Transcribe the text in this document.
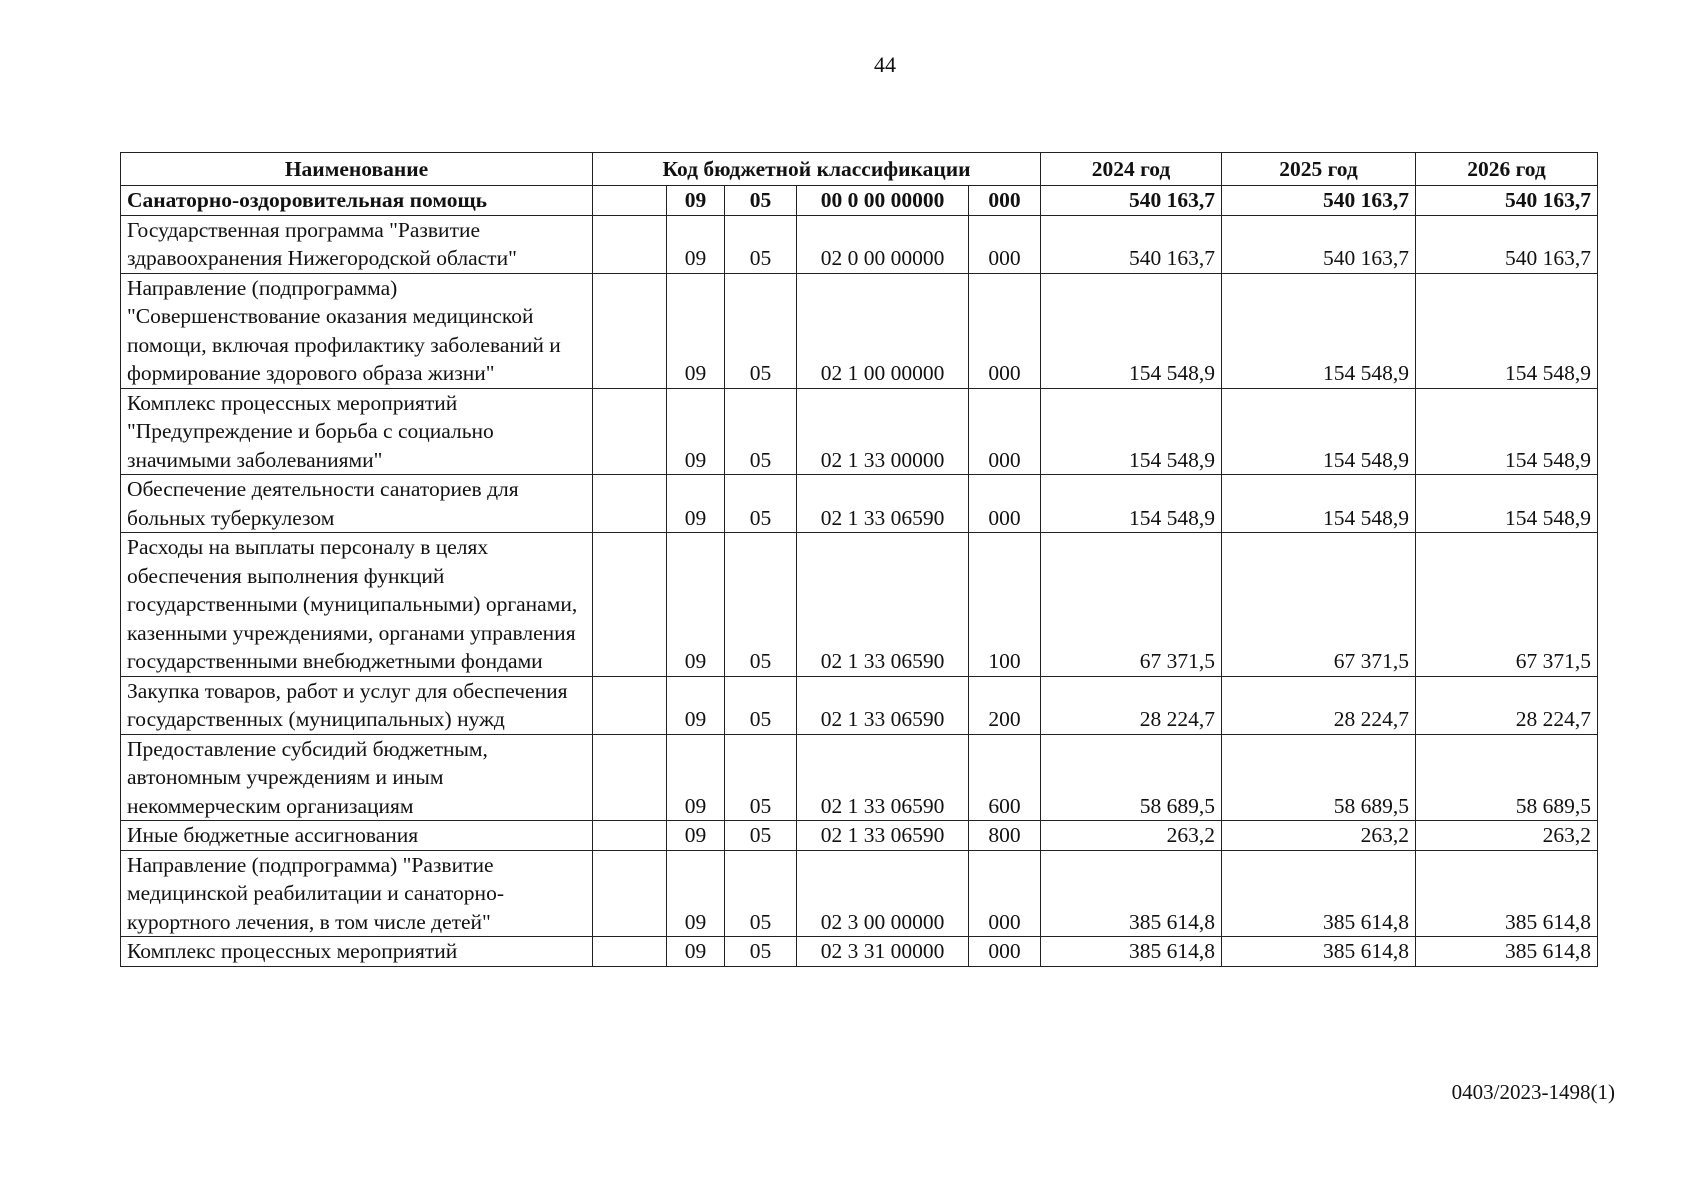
44
Наименование	Код бюджетной классификации					2024 год	2025 год	2026 год
Санаторно-оздоровительная помощь		09	05	00 0 00 00000	000	540 163,7	540 163,7	540 163,7
Государственная программа "Развитие здравоохранения Нижегородской области"		09	05	02 0 00 00000	000	540 163,7	540 163,7	540 163,7
Направление (подпрограмма) "Совершенствование оказания медицинской помощи, включая профилактику заболеваний и формирование здорового образа жизни"		09	05	02 1 00 00000	000	154 548,9	154 548,9	154 548,9
Комплекс процессных мероприятий "Предупреждение и борьба с социально значимыми заболеваниями"		09	05	02 1 33 00000	000	154 548,9	154 548,9	154 548,9
Обеспечение деятельности санаториев для больных туберкулезом		09	05	02 1 33 06590	000	154 548,9	154 548,9	154 548,9
Расходы на выплаты персоналу в целях обеспечения выполнения функций государственными (муниципальными) органами, казенными учреждениями, органами управления государственными внебюджетными фондами		09	05	02 1 33 06590	100	67 371,5	67 371,5	67 371,5
Закупка товаров, работ и услуг для обеспечения государственных (муниципальных) нужд		09	05	02 1 33 06590	200	28 224,7	28 224,7	28 224,7
Предоставление субсидий бюджетным, автономным учреждениям и иным некоммерческим организациям		09	05	02 1 33 06590	600	58 689,5	58 689,5	58 689,5
Иные бюджетные ассигнования		09	05	02 1 33 06590	800	263,2	263,2	263,2
Направление (подпрограмма) "Развитие медицинской реабилитации и санаторно-курортного лечения, в том числе детей"		09	05	02 3 00 00000	000	385 614,8	385 614,8	385 614,8
Комплекс процессных мероприятий		09	05	02 3 31 00000	000	385 614,8	385 614,8	385 614,8
0403/2023-1498(1)
